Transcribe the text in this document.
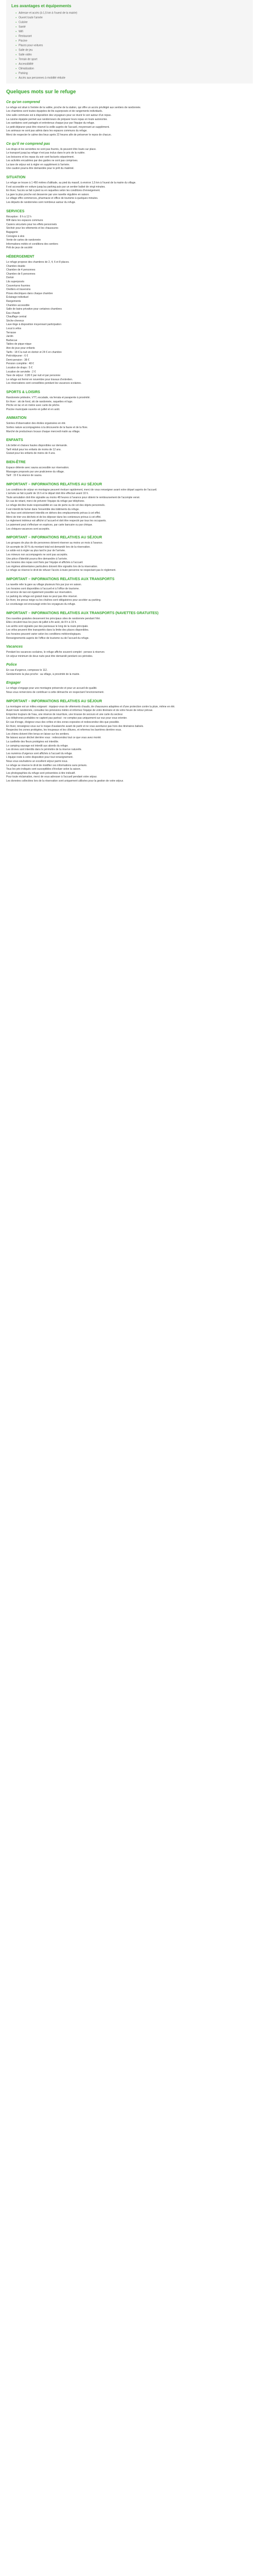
Les avantages et équipements
● Adresse et accès (à 1,5 km à l'ouest de la mairie)
● Ouvert toute l'année
● Cuisine
● Santé
● Wifi
● Restaurant
● Piscine
● Places pour voitures
● Salle de jeu
● Salle vidéo
● Terrain de sport
● Accessibilité
● Climatisation
● Parking
● Accès aux personnes à mobilité réduite
Quelques mots sur le refuge
Ce qu'on comprend

Le refuge est situé à l'entrée de la vallée, proche de la station, qui offre un accès privilégié aux sentiers de randonnée.

Les chambres sont toutes équipées de lits superposés et de rangements individuels.

Une salle commune est à disposition des voyageurs pour se réunir le soir autour d'un repas.

La cuisine équipée permet aux randonneurs de préparer leurs repas en toute autonomie.

Les sanitaires sont partagés et entretenus chaque jour par l'équipe du refuge.

Le petit-déjeuner peut être réservé la veille auprès de l'accueil, moyennant un supplément.

Les animaux ne sont pas admis dans les espaces communs du refuge.

Merci de respecter le calme des lieux après 22 heures afin de préserver le repos de chacun.

Ce qu'il ne comprend pas

Les draps et les serviettes ne sont pas fournis, ils peuvent être loués sur place.

Le transport jusqu'au refuge n'est pas inclus dans le prix de la nuitée.

Les boissons et les repas du soir sont facturés séparément.

Les activités encadrées par des guides ne sont pas comprises.

La taxe de séjour est à régler en supplément à l'arrivée.

Une caution pourra être demandée pour le prêt du matériel.

SITUATION

Le refuge se trouve à 1 450 mètres d'altitude, au pied du massif, à environ 1,5 km à l'ouest de la mairie du village.

Il est accessible en voiture jusqu'au parking puis par un sentier balisé de vingt minutes.

En hiver, l'accès se fait à pied ou en raquettes selon les conditions d'enneigement.

La gare la plus proche est desservie par une navette régulière en saison.

Le village offre commerces, pharmacie et office de tourisme à quelques minutes.

Les départs de randonnées sont nombreux autour du refuge.

SERVICES

Réception : 8 h à 12 h

Wifi dans les espaces communs

Casiers sécurisés pour les effets personnels

Séchoir pour les vêtements et les chaussures

Bagagerie

Consigne à skis

Vente de cartes de randonnée

Informations météo et conditions des sentiers

Prêt de jeux de société

HÉBERGEMENT

Le refuge propose des chambres de 2, 4, 6 et 8 places.

Chambre double

Chambre de 4 personnes

Chambre de 6 personnes

Dortoir

Lits superposés

Couvertures fournies

Oreillers et traversins

Prises électriques dans chaque chambre

Éclairage individuel

Rangements

Chambre accessible

Salle de bains privative pour certaines chambres

Eau chaude

Chauffage central

Sèche-cheveux

Lave-linge à disposition moyennant participation

Local à vélos

Terrasse

Jardin

Barbecue

Tables de pique-nique

Aire de jeux pour enfants

Tarifs : 18 € la nuit en dortoir et 24 € en chambre

Petit-déjeuner : 6 €

Demi-pension : 38 €

Pension complète : 48 €

Location de draps : 5 €

Location de serviette : 2 €

Taxe de séjour : 0,80 € par nuit et par personne

Le refuge est fermé en novembre pour travaux d'entretien.

Les réservations sont conseillées pendant les vacances scolaires.

SPORTS & LOISIRS

Randonnée pédestre, VTT, escalade, via ferrata et parapente à proximité.

En hiver : ski de fond, ski de randonnée, raquettes et luge.

Pêche en lac et en rivière avec carte de pêche.

Piscine municipale ouverte en juillet et en août.

ANIMATION

Soirées d'observation des étoiles organisées en été.

Sorties nature accompagnées à la découverte de la faune et de la flore.

Marché de producteurs locaux chaque mercredi matin au village.

ENFANTS

Lits bébé et chaises hautes disponibles sur demande.

Tarif réduit pour les enfants de moins de 12 ans.

Gratuit pour les enfants de moins de 4 ans.

BIEN-ÊTRE

Espace détente avec sauna accessible sur réservation.

Massages proposés par une praticienne du village.

Tarif : 15 € la séance de sauna.

IMPORTANT – INFORMATIONS RELATIVES AU SÉJOUR

Les conditions de séjour en montagne peuvent évoluer rapidement, merci de vous renseigner avant votre départ auprès de l'accueil.

L'arrivée se fait à partir de 16 h et le départ doit être effectué avant 10 h.

Toute annulation doit être signalée au moins 48 heures à l'avance pour obtenir le remboursement de l'acompte versé.

En cas de retard, merci de prévenir l'équipe du refuge par téléphone.

Le refuge décline toute responsabilité en cas de perte ou de vol des objets personnels.

Il est interdit de fumer dans l'ensemble des bâtiments du refuge.

Les feux sont strictement interdits en dehors des emplacements prévus à cet effet.

Merci de trier vos déchets et de les déposer dans les conteneurs prévus à cet effet.

Le règlement intérieur est affiché à l'accueil et doit être respecté par tous les occupants.

Le paiement peut s'effectuer en espèces, par carte bancaire ou par chèque.

Les chèques-vacances sont acceptés.

IMPORTANT – INFORMATIONS RELATIVES AU SÉJOUR

Les groupes de plus de dix personnes doivent réserver au moins un mois à l'avance.

Un acompte de 30 % du montant total est demandé lors de la réservation.

Le solde est à régler au plus tard le jour de l'arrivée.

Les mineurs non accompagnés ne sont pas acceptés.

Une pièce d'identité pourra être demandée à l'arrivée.

Les horaires des repas sont fixés par l'équipe et affichés à l'accueil.

Les régimes alimentaires particuliers doivent être signalés lors de la réservation.

Le refuge se réserve le droit de refuser l'accès à toute personne ne respectant pas le règlement.

IMPORTANT – INFORMATIONS RELATIVES AUX TRANSPORTS

La navette relie la gare au village plusieurs fois par jour en saison.

Les horaires sont disponibles à l'accueil et à l'office de tourisme.

Un service de taxi est également possible sur réservation.

Le parking du refuge est gratuit mais ne peut pas être réservé.

En hiver, les pneus neige ou les chaînes sont obligatoires pour accéder au parking.

Le covoiturage est encouragé entre les voyageurs du refuge.

IMPORTANT – INFORMATIONS RELATIVES AUX TRANSPORTS (NAVETTES GRATUITES)

Des navettes gratuites desservent les principaux sites de randonnée pendant l'été.

Elles circulent tous les jours de juillet à fin août, de 8 h à 19 h.

Les arrêts sont signalés par des panneaux le long de la route principale.

Les vélos peuvent être transportés dans la limite des places disponibles.

Les horaires peuvent varier selon les conditions météorologiques.

Renseignements auprès de l'office de tourisme ou de l'accueil du refuge.

Vacances

Pendant les vacances scolaires, le refuge affiche souvent complet : pensez à réserver.

Un séjour minimum de deux nuits peut être demandé pendant ces périodes.

Police

En cas d'urgence, composez le 112.

Gendarmerie la plus proche : au village, à proximité de la mairie.

Engager

Le refuge s'engage pour une montagne préservée et pour un accueil de qualité.

Nous vous remercions de contribuer à cette démarche en respectant l'environnement.

IMPORTANT – INFORMATIONS RELATIVES AU SÉJOUR

La montagne est un milieu exigeant : équipez-vous de vêtements chauds, de chaussures adaptées et d'une protection contre la pluie, même en été.

Avant toute randonnée, consultez les prévisions météo et informez l'équipe de votre itinéraire et de votre heure de retour prévue.

Emportez toujours de l'eau, une réserve de nourriture, une trousse de secours et une carte du secteur.

Les téléphones portables ne captent pas partout : ne comptez pas uniquement sur eux pour vous orienter.

En cas d'orage, éloignez-vous des crêtes et des zones exposées et redescendez dès que possible.

En hiver, renseignez-vous sur le risque d'avalanche avant de partir et ne vous aventurez pas hors des itinéraires balisés.

Respectez les zones protégées, les troupeaux et les clôtures, et refermez les barrières derrière vous.

Les chiens doivent être tenus en laisse sur les sentiers.

Ne laissez aucun déchet derrière vous : redescendez tout ce que vous avez monté.

La cueillette des fleurs protégées est interdite.

Le camping sauvage est interdit aux abords du refuge.

Les drones sont interdits dans le périmètre de la réserve naturelle.

Les numéros d'urgence sont affichés à l'accueil du refuge.

L'équipe reste à votre disposition pour tout renseignement.

Nous vous souhaitons un excellent séjour parmi nous.

Le refuge se réserve le droit de modifier ces informations sans préavis.

Tous les prix indiqués sont susceptibles d'évoluer selon la saison.

Les photographies du refuge sont présentées à titre indicatif.

Pour toute réclamation, merci de vous adresser à l'accueil pendant votre séjour.

Les données collectées lors de la réservation sont uniquement utilisées pour la gestion de votre séjour.
